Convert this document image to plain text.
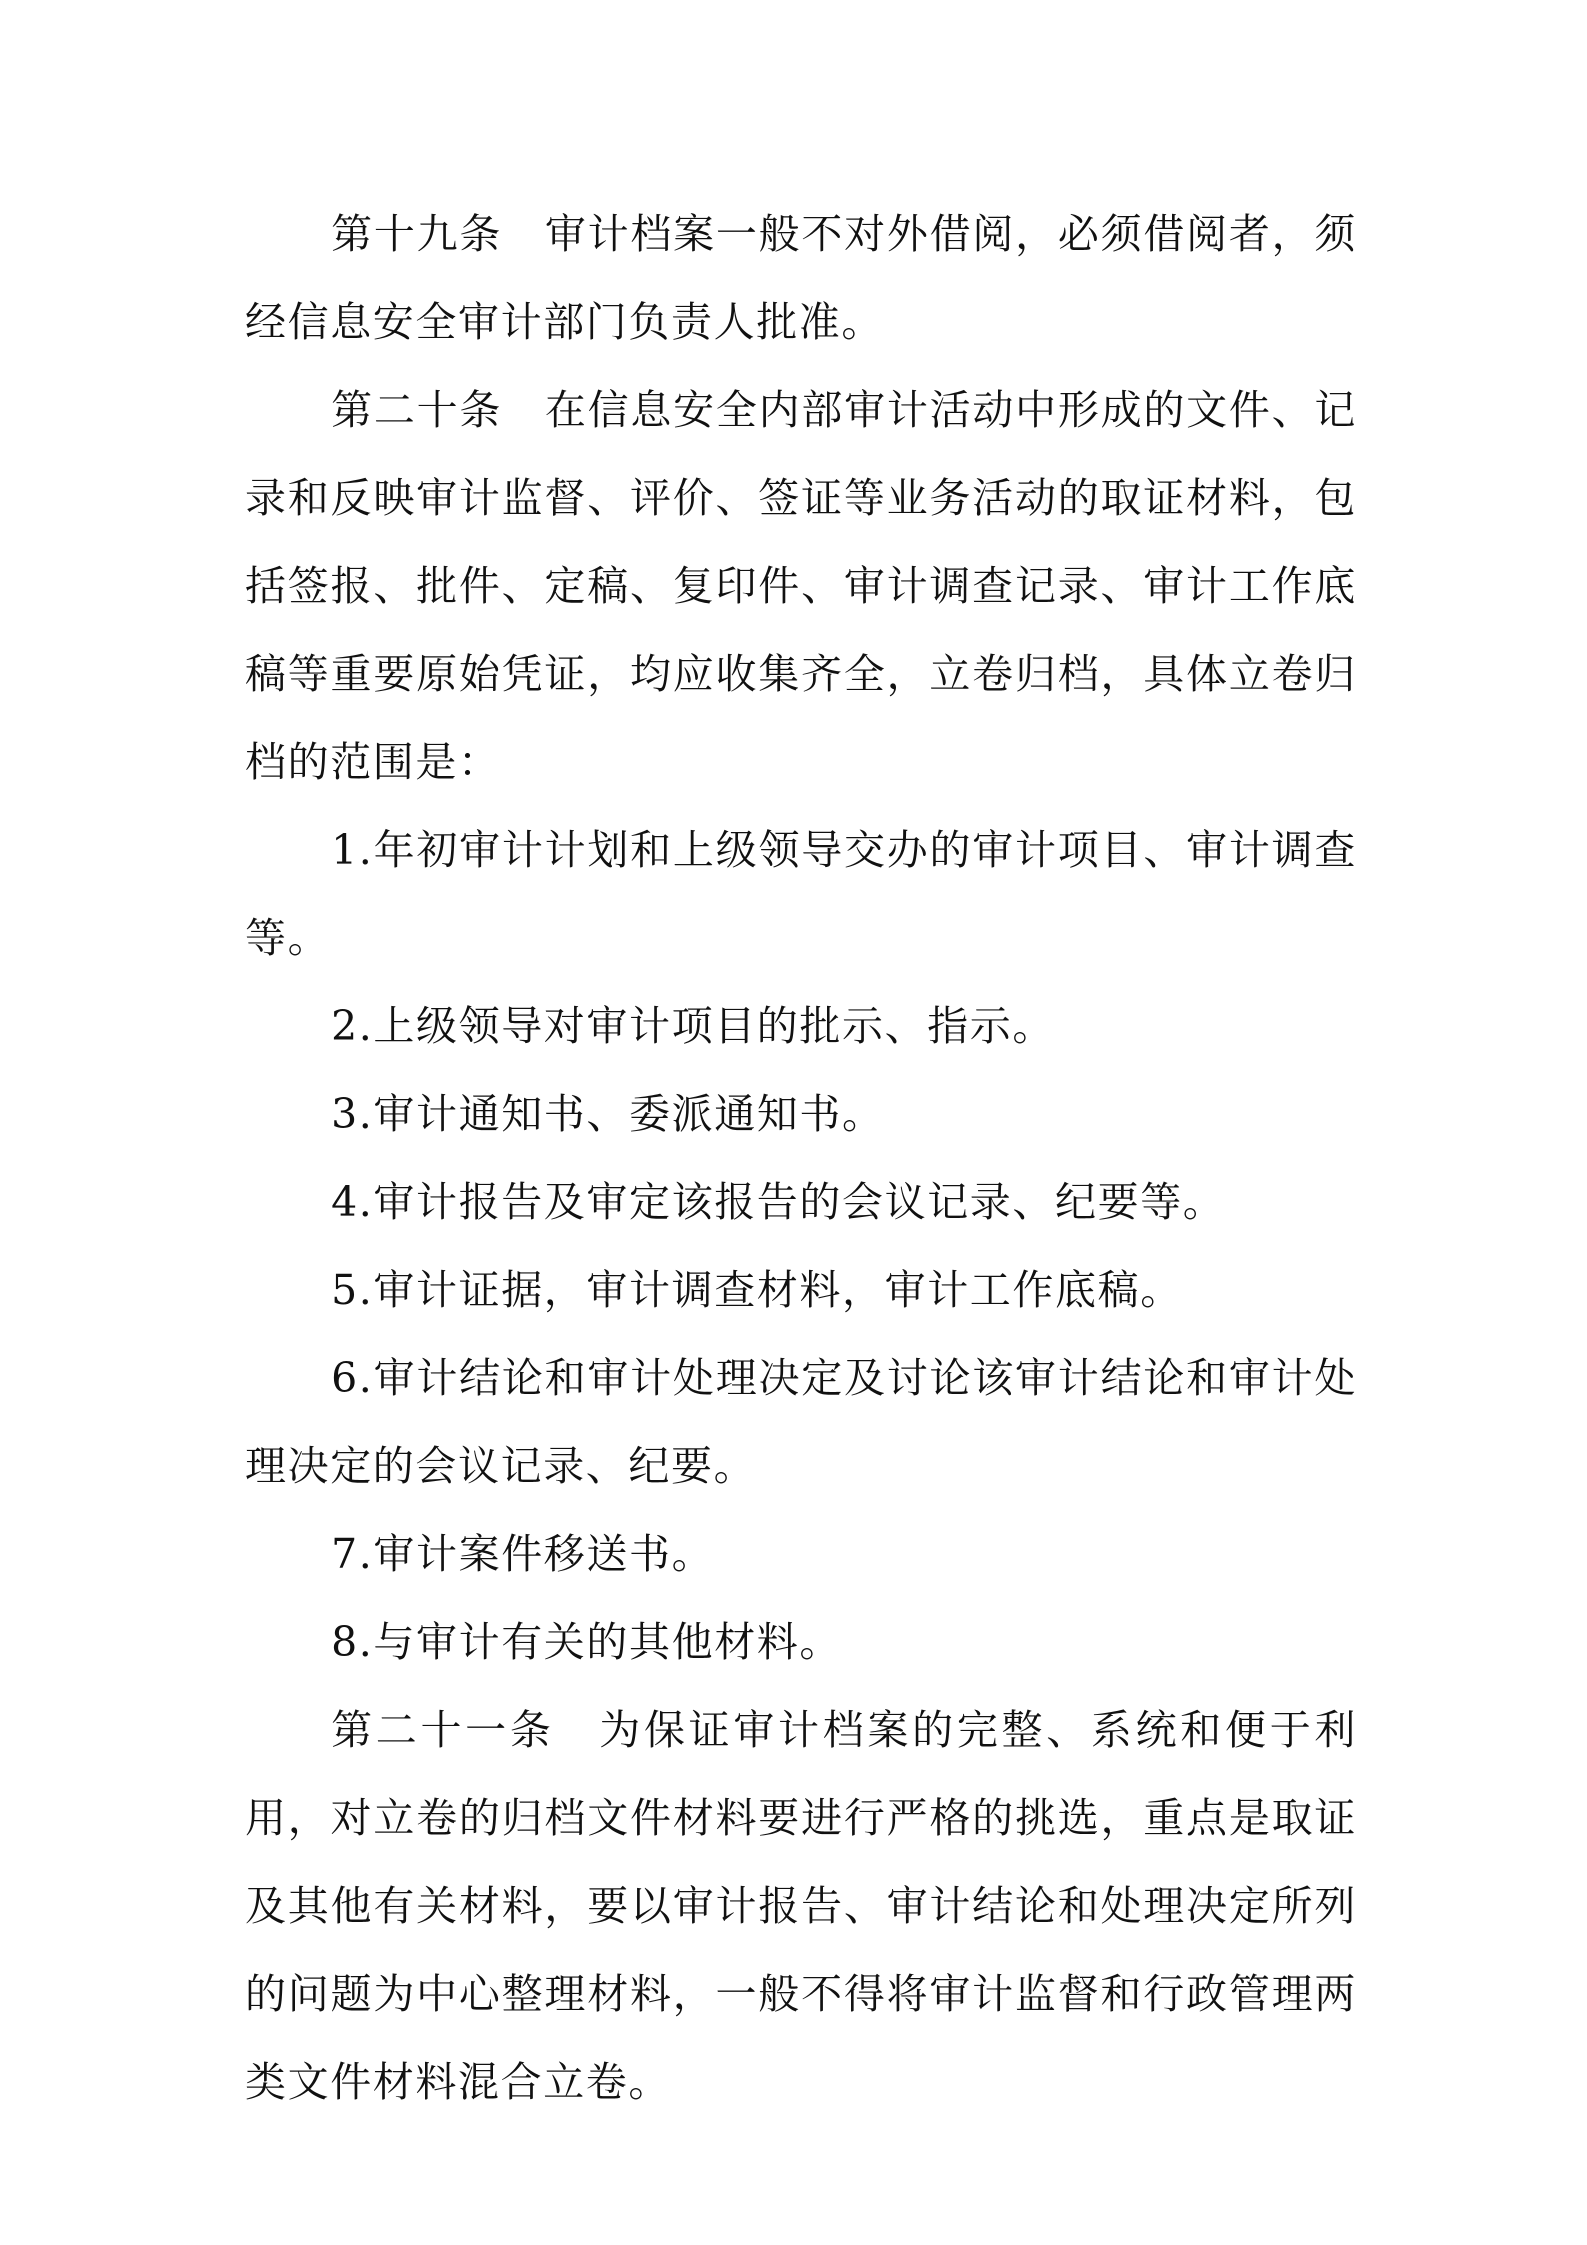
第十九条　审计档案一般不对外借阅，必须借阅者，须经信息安全审计部门负责人批准。

第二十条　在信息安全内部审计活动中形成的文件、记录和反映审计监督、评价、签证等业务活动的取证材料，包括签报、批件、定稿、复印件、审计调查记录、审计工作底稿等重要原始凭证，均应收集齐全，立卷归档，具体立卷归档的范围是：

1.年初审计计划和上级领导交办的审计项目、审计调查等。

2.上级领导对审计项目的批示、指示。

3.审计通知书、委派通知书。

4.审计报告及审定该报告的会议记录、纪要等。

5.审计证据，审计调查材料，审计工作底稿。

6.审计结论和审计处理决定及讨论该审计结论和审计处理决定的会议记录、纪要。

7.审计案件移送书。

8.与审计有关的其他材料。

第二十一条　为保证审计档案的完整、系统和便于利用，对立卷的归档文件材料要进行严格的挑选，重点是取证及其他有关材料，要以审计报告、审计结论和处理决定所列的问题为中心整理材料，一般不得将审计监督和行政管理两类文件材料混合立卷。
